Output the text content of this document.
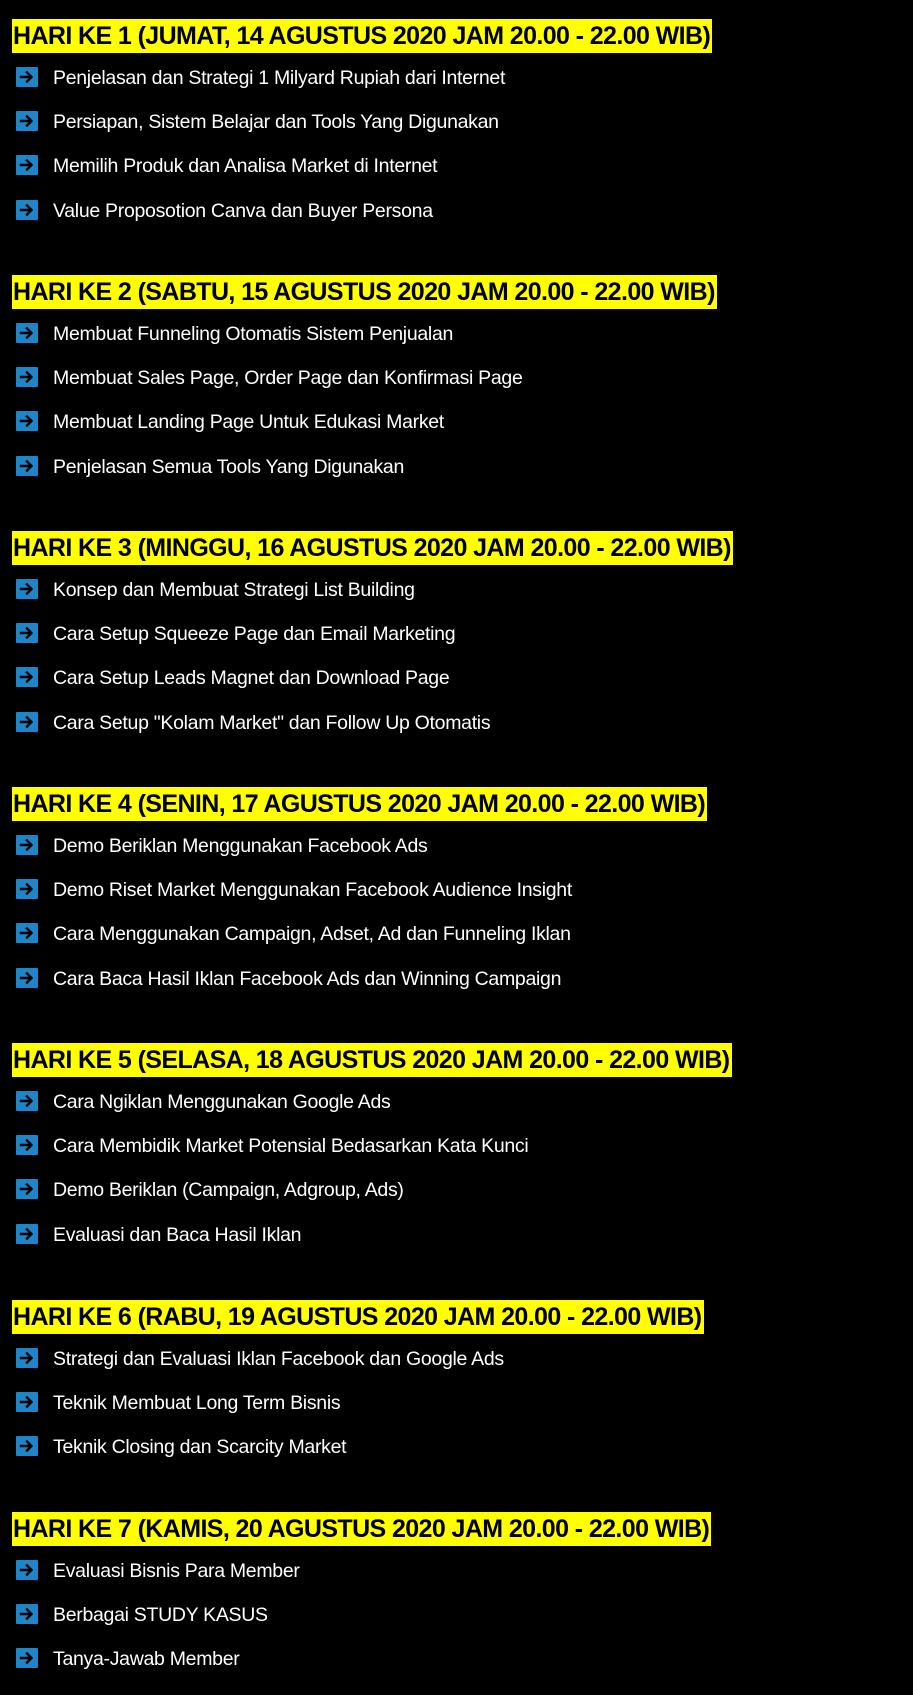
HARI KE 1 (JUMAT, 14 AGUSTUS 2020 JAM 20.00 - 22.00 WIB)
Penjelasan dan Strategi 1 Milyard Rupiah dari Internet
Persiapan, Sistem Belajar dan Tools Yang Digunakan
Memilih Produk dan Analisa Market di Internet
Value Proposotion Canva dan Buyer Persona
HARI KE 2 (SABTU, 15 AGUSTUS 2020 JAM 20.00 - 22.00 WIB)
Membuat Funneling Otomatis Sistem Penjualan
Membuat Sales Page, Order Page dan Konfirmasi Page
Membuat Landing Page Untuk Edukasi Market
Penjelasan Semua Tools Yang Digunakan
HARI KE 3 (MINGGU, 16 AGUSTUS 2020 JAM 20.00 - 22.00 WIB)
Konsep dan Membuat Strategi List Building
Cara Setup Squeeze Page dan Email Marketing
Cara Setup Leads Magnet dan Download Page
Cara Setup "Kolam Market" dan Follow Up Otomatis
HARI KE 4 (SENIN, 17 AGUSTUS 2020 JAM 20.00 - 22.00 WIB)
Demo Beriklan Menggunakan Facebook Ads
Demo Riset Market Menggunakan Facebook Audience Insight
Cara Menggunakan Campaign, Adset, Ad dan Funneling Iklan
Cara Baca Hasil Iklan Facebook Ads dan Winning Campaign
HARI KE 5 (SELASA, 18 AGUSTUS 2020 JAM 20.00 - 22.00 WIB)
Cara Ngiklan Menggunakan Google Ads
Cara Membidik Market Potensial Bedasarkan Kata Kunci
Demo Beriklan (Campaign, Adgroup, Ads)
Evaluasi dan Baca Hasil Iklan
HARI KE 6 (RABU, 19 AGUSTUS 2020 JAM 20.00 - 22.00 WIB)
Strategi dan Evaluasi Iklan Facebook dan Google Ads
Teknik Membuat Long Term Bisnis
Teknik Closing dan Scarcity Market
HARI KE 7 (KAMIS, 20 AGUSTUS 2020 JAM 20.00 - 22.00 WIB)
Evaluasi Bisnis Para Member
Berbagai STUDY KASUS
Tanya-Jawab Member
